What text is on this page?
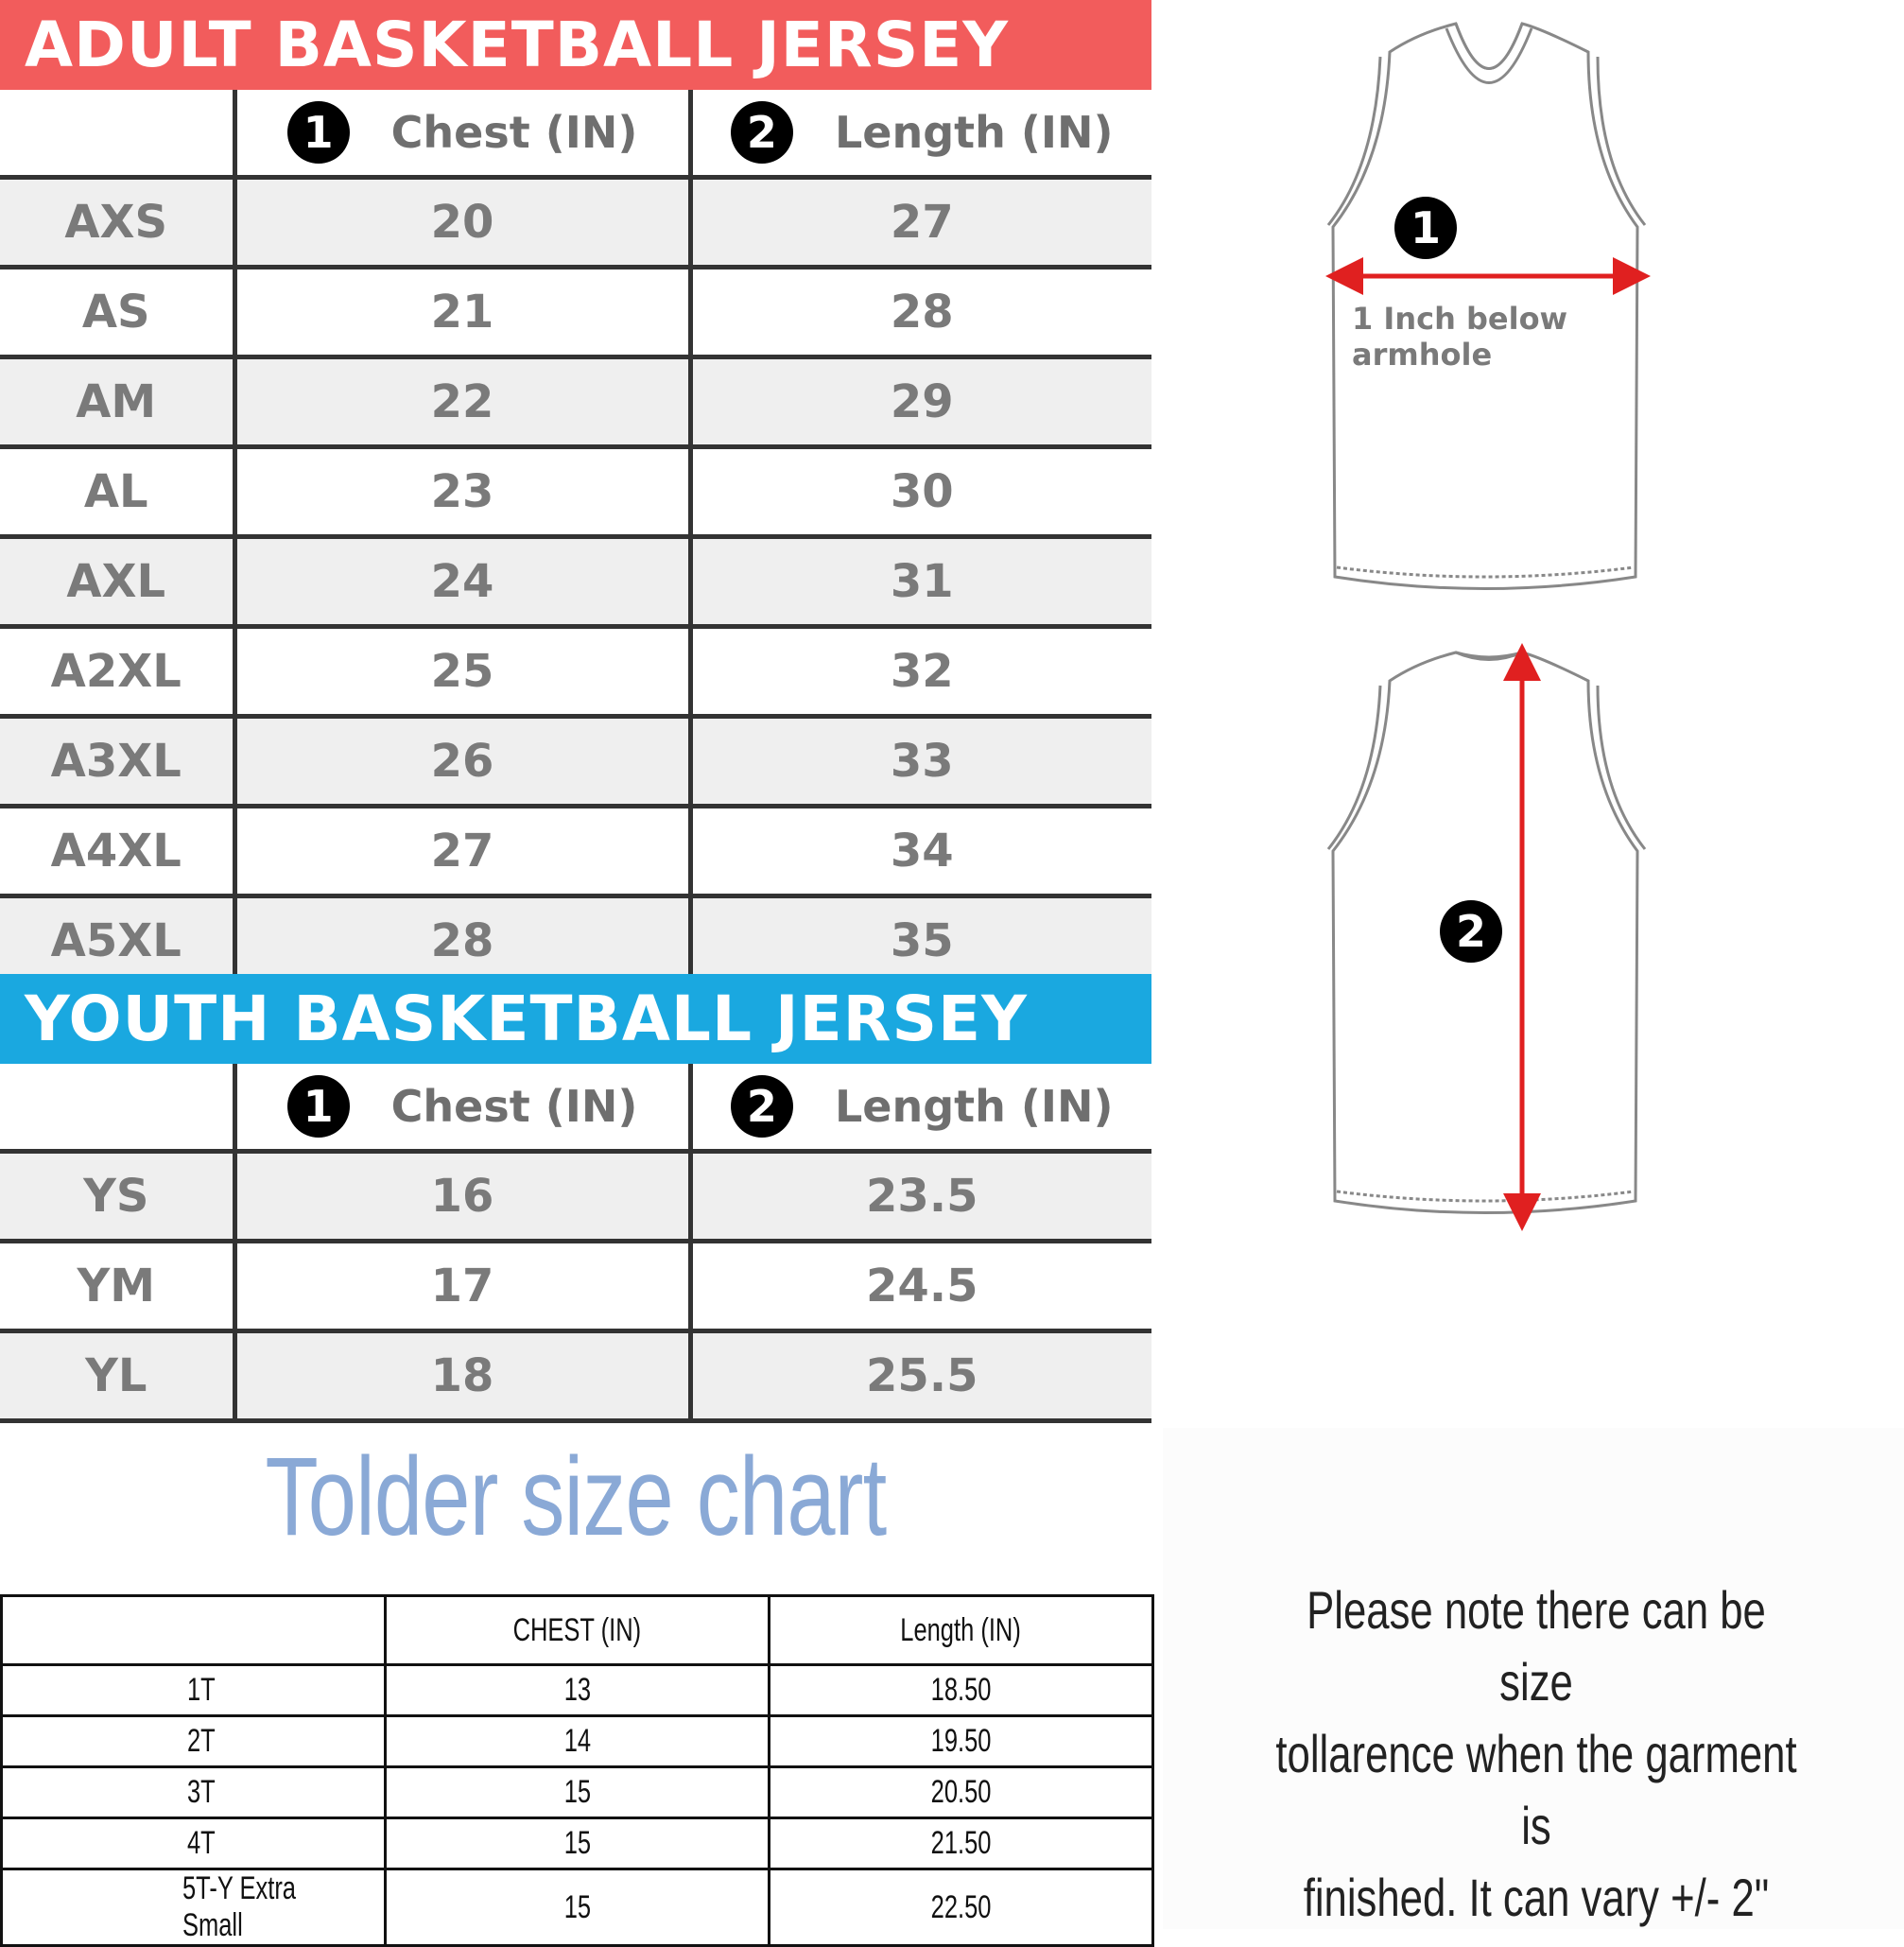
ADULT BASKETBALL JERSEY
	1 Chest (IN)	2 Length (IN)
AXS	20	27
AS	21	28
AM	22	29
AL	23	30
AXL	24	31
A2XL	25	32
A3XL	26	33
A4XL	27	34
A5XL	28	35
YOUTH BASKETBALL JERSEY
	1 Chest (IN)	2 Length (IN)
YS	16	23.5
YM	17	24.5
YL	18	25.5
Tolder size chart
	CHEST (IN)	Length (IN)
1T	13	18.50
2T	14	19.50
3T	15	20.50
4T	15	21.50
5T-Y Extra Small	15	22.50
1
2
1 Inch below armhole
Please note there can be size
tollarence when the garment is
finished. It can vary +/- 2"
